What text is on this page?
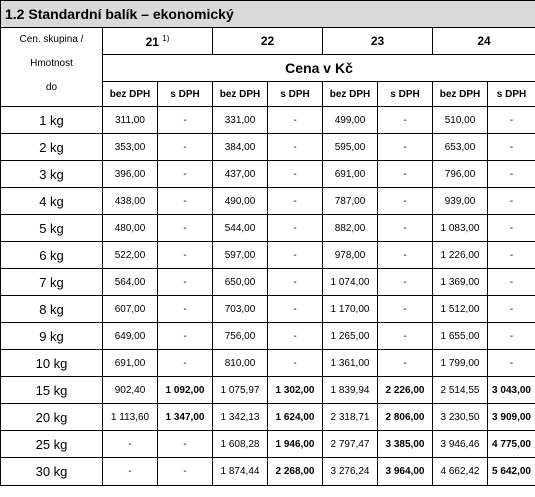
1.2 Standardní balík – ekonomický								

Cen. skupina /
Hmotnost
do	21 $^{1)}$		22		23		24	
	Cena v Kč							
	bez DPH	s DPH	bez DPH	s DPH	bez DPH	s DPH	bez DPH	s DPH
1 kg	311,00	-	331,00	-	499,00	-	510,00	-
2 kg	353,00	-	384,00	-	595,00	-	653,00	-
3 kg	396,00	-	437,00	-	691,00	-	796,00	-
4 kg	438,00	-	490,00	-	787,00	-	939,00	-
5 kg	480,00	-	544,00	-	882,00	-	1 083,00	-
6 kg	522,00	-	597,00	-	978,00	-	1 226,00	-
7 kg	564,00	-	650,00	-	1 074,00	-	1 369,00	-
8 kg	607,00	-	703,00	-	1 170,00	-	1 512,00	-
9 kg	649,00	-	756,00	-	1 265,00	-	1 655,00	-
10 kg	691,00	-	810,00	-	1 361,00	-	1 799,00	-
15 kg	902,40	1 092,00	1 075,97	1 302,00	1 839,94	2 226,00	2 514,55	3 043,00
20 kg	1 113,60	1 347,00	1 342,13	1 624,00	2 318,71	2 806,00	3 230,50	3 909,00
25 kg	-	-	1 608,28	1 946,00	2 797,47	3 385,00	3 946,46	4 775,00
30 kg	-	-	1 874,44	2 268,00	3 276,24	3 964,00	4 662,42	5 642,00
